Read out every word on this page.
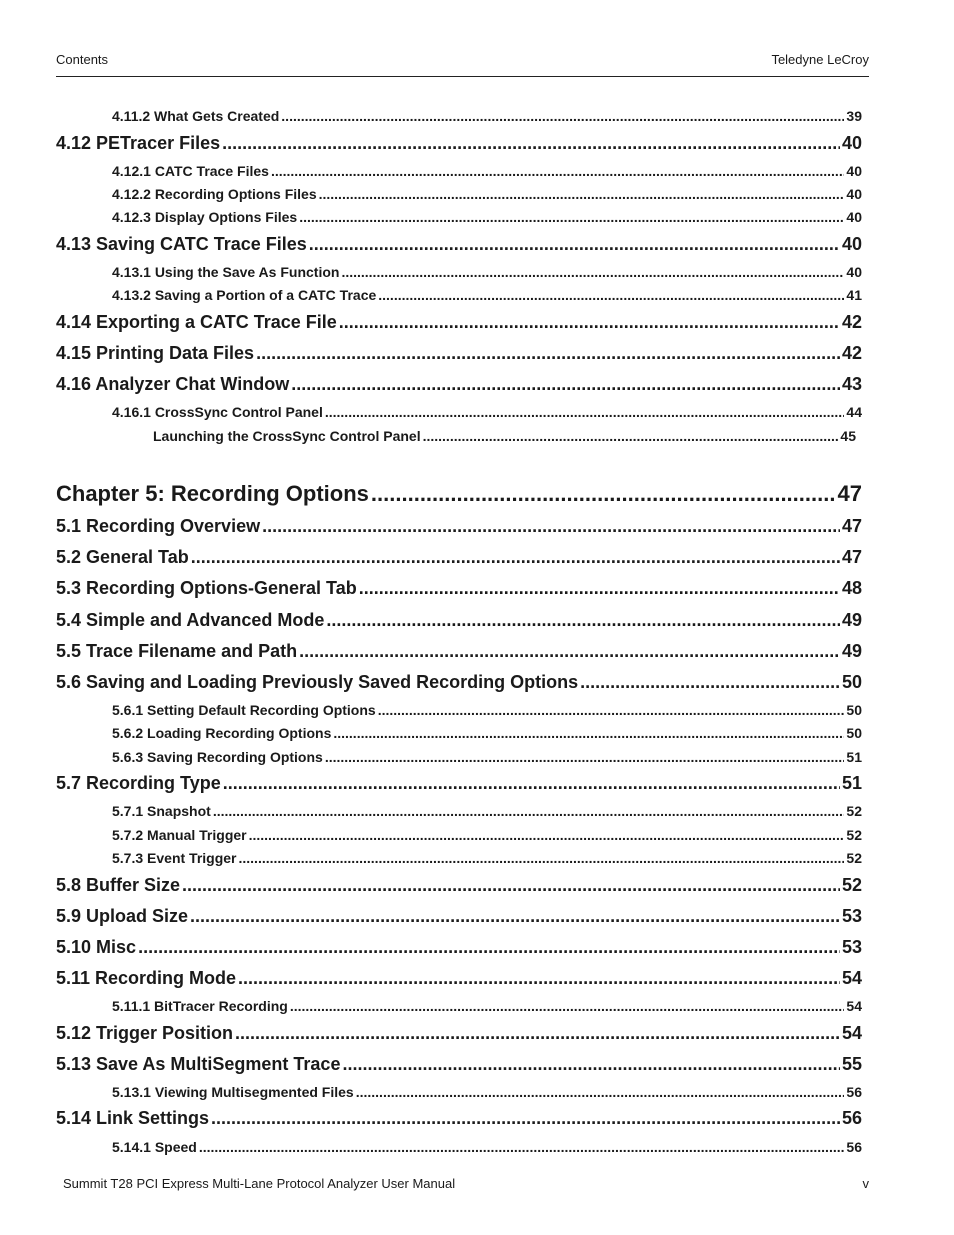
Contents	Teledyne LeCroy
4.11.2 What Gets Created .....	39
4.12 PETracer Files .....	40
4.12.1 CATC Trace Files .....	40
4.12.2 Recording Options Files .....	40
4.12.3 Display Options Files .....	40
4.13 Saving CATC Trace Files .....	40
4.13.1 Using the Save As Function .....	40
4.13.2 Saving a Portion of a CATC Trace .....	41
4.14 Exporting a CATC Trace File .....	42
4.15 Printing Data Files .....	42
4.16 Analyzer Chat Window .....	43
4.16.1 CrossSync Control Panel .....	44
Launching the CrossSync Control Panel .....	45
Chapter 5: Recording Options .....	47
5.1 Recording Overview .....	47
5.2 General Tab .....	47
5.3 Recording Options-General Tab .....	48
5.4 Simple and Advanced Mode .....	49
5.5 Trace Filename and Path .....	49
5.6 Saving and Loading Previously Saved Recording Options .....	50
5.6.1 Setting Default Recording Options .....	50
5.6.2 Loading Recording Options .....	50
5.6.3 Saving Recording Options .....	51
5.7 Recording Type .....	51
5.7.1 Snapshot .....	52
5.7.2 Manual Trigger .....	52
5.7.3 Event Trigger .....	52
5.8 Buffer Size .....	52
5.9 Upload Size .....	53
5.10 Misc .....	53
5.11 Recording Mode .....	54
5.11.1 BitTracer Recording .....	54
5.12 Trigger Position .....	54
5.13 Save As MultiSegment Trace .....	55
5.13.1 Viewing Multisegmented Files .....	56
5.14 Link Settings .....	56
5.14.1 Speed .....	56
Summit T28 PCI Express Multi-Lane Protocol Analyzer User Manual	v
